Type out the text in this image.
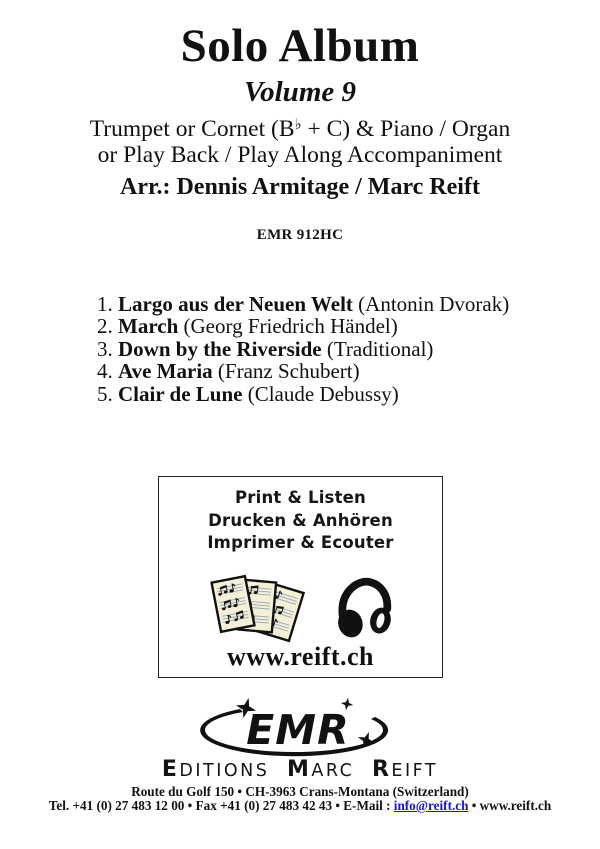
Solo Album
Volume 9
Trumpet or Cornet (B♭ + C) & Piano / Organ
or Play Back / Play Along Accompaniment
Arr.: Dennis Armitage / Marc Reift
EMR 912HC
1. Largo aus der Neuen Welt (Antonin Dvorak)
2. March (Georg Friedrich Händel)
3. Down by the Riverside (Traditional)
4. Ave Maria (Franz Schubert)
5. Clair de Lune (Claude Debussy)
Print & Listen
Drucken & Anhören
Imprimer & Ecouter
www.reift.ch
EMR
EDITIONS MARC REIFT
Route du Golf 150 • CH-3963 Crans-Montana (Switzerland)
Tel. +41 (0) 27 483 12 00 • Fax +41 (0) 27 483 42 43 • E-Mail : info@reift.ch • www.reift.ch
